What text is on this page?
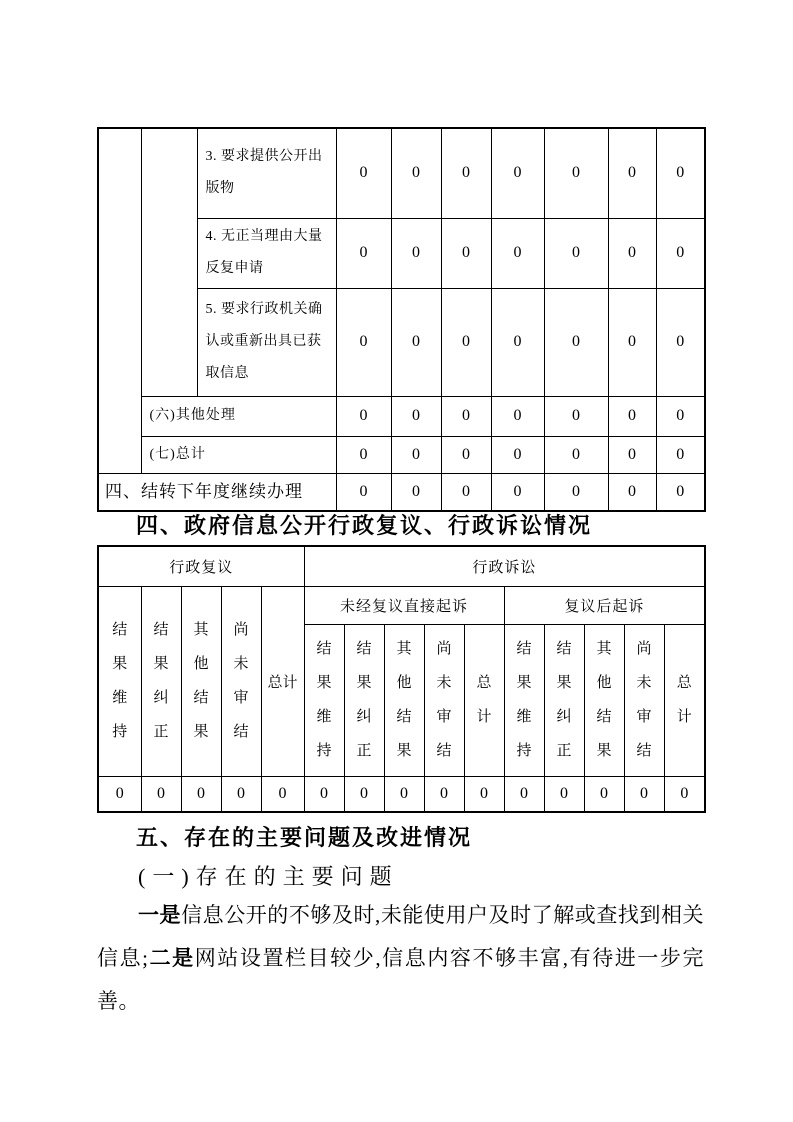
		3. 要求提供公开出版物	0	0	0	0	0	0	0
		4. 无正当理由大量反复申请	0	0	0	0	0	0	0
		5. 要求行政机关确认或重新出具已获取信息	0	0	0	0	0	0	0
	(六)其他处理		0	0	0	0	0	0	0
	(七)总计		0	0	0	0	0	0	0
四、结转下年度继续办理			0	0	0	0	0	0	0
四、政府信息公开行政复议、行政诉讼情况
行政复议					行政诉讼									
结果维持	结果纠正	其他结果	尚未审结	总计	未经复议直接起诉					复议后起诉				
					结果维持	结果纠正	其他结果	尚未审结	总计	结果维持	结果纠正	其他结果	尚未审结	总计
0	0	0	0	0	0	0	0	0	0	0	0	0	0	0
五、存在的主要问题及改进情况
(一)存在的主要问题

一是信息公开的不够及时,未能使用户及时了解或查找到相关信息;二是网站设置栏目较少,信息内容不够丰富,有待进一步完善。
